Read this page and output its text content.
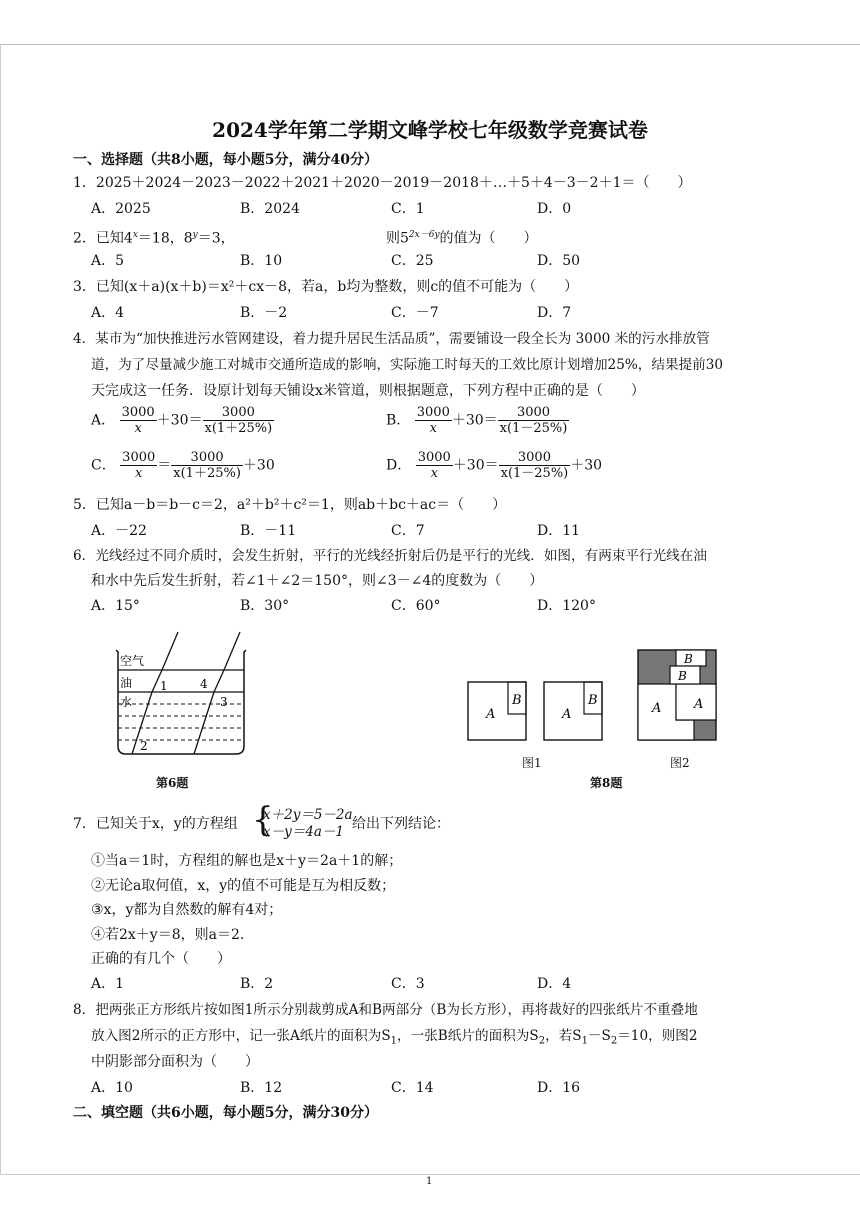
1
2024学年第二学期文峰学校七年级数学竞赛试卷
一、选择题（共8小题，每小题5分，满分40分）
1．2025＋2024－2023－2022＋2021＋2020－2019－2018＋…＋5＋4－3－2＋1＝（　　）
A．2025	B．2024	C．1	D．0
2．已知$4^x=18$，$8^y=3$，	则$5^{2x-6y}$的值为（　　）
A．5	B．10	C．25	D．50
3．已知(x＋a)(x＋b)＝x²＋cx－8，若a，b均为整数，则c的值不可能为（　　）
A．4	B．－2	C．－7	D．7
4．某市为“加快推进污水管网建设，着力提升居民生活品质”，需要铺设一段全长为 3000 米的污水排放管
道，为了尽量减少施工对城市交通所造成的影响，实际施工时每天的工效比原计划增加25%，结果提前30
天完成这一任务．设原计划每天铺设x米管道，则根据题意，下列方程中正确的是（　　）
A． $\frac{3000}{x} +30= \frac{3000}{x(1+25\%)}$	B． $\frac{3000}{x} +30= \frac{3000}{x(1-25\%)}$
C． $\frac{3000}{x} = \frac{3000}{x(1+25\%)} +30$	D． $\frac{3000}{x} +30= \frac{3000}{x(1-25\%)} +30$
5．已知a－b＝b－c＝2，a²＋b²＋c²＝1，则ab＋bc＋ac＝（　　）
A．－22	B．－11	C．7	D．11
6．光线经过不同介质时，会发生折射，平行的光线经折射后仍是平行的光线．如图，有两束平行光线在油
和水中先后发生折射，若∠1＋∠2＝150°，则∠3－∠4的度数为（　　）
A．15°	B．30°	C．60°	D．120°
空气
油
水
1
2
3
4
第6题
A
B
A
B
B
B
A	A
图1	图2
第8题
7．已知关于x，y的方程组 {
x＋2y＝5－2a
x－y＝4a－1 给出下列结论：
①当a＝1时，方程组的解也是x＋y＝2a＋1的解；
②无论a取何值，x，y的值不可能是互为相反数；
③x，y都为自然数的解有4对；
④若2x＋y＝8，则a＝2.
正确的有几个（　　）
A．1	B．2	C．3	D．4
8．把两张正方形纸片按如图1所示分别裁剪成A和B两部分（B为长方形），再将裁好的四张纸片不重叠地
放入图2所示的正方形中，记一张A纸片的面积为$S_1$，一张B纸片的面积为$S_2$，若$S_1-S_2=10$，则图2
中阴影部分面积为（　　）
A．10	B．12	C．14	D．16
二、填空题（共6小题，每小题5分，满分30分）
